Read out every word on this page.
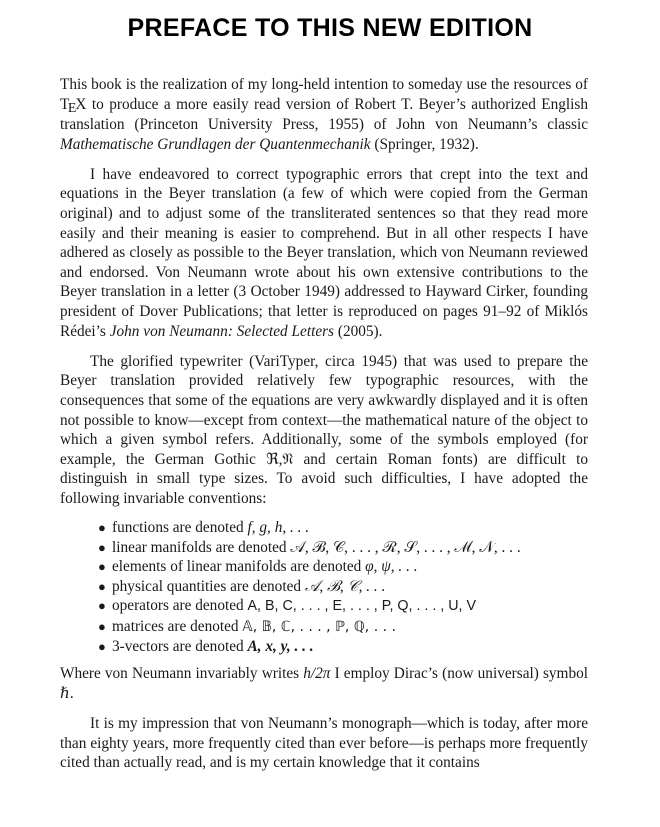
PREFACE TO THIS NEW EDITION

This book is the realization of my long-held intention to someday use the resources of TEX to produce a more easily read version of Robert T. Beyer’s authorized English translation (Princeton University Press, 1955) of John von Neumann’s classic Mathematische Grundlagen der Quantenmechanik (Springer, 1932).

I have endeavored to correct typographic errors that crept into the text and equations in the Beyer translation (a few of which were copied from the German original) and to adjust some of the transliterated sentences so that they read more easily and their meaning is easier to comprehend. But in all other respects I have adhered as closely as possible to the Beyer translation, which von Neumann reviewed and endorsed. Von Neumann wrote about his own extensive contributions to the Beyer translation in a letter (3 October 1949) addressed to Hayward Cirker, founding president of Dover Publications; that letter is reproduced on pages 91–92 of Miklós Rédei’s John von Neumann: Selected Letters (2005).

The glorified typewriter (VariTyper, circa 1945) that was used to prepare the Beyer translation provided relatively few typographic resources, with the consequences that some of the equations are very awkwardly displayed and it is often not possible to know—except from context—the mathematical nature of the object to which a given symbol refers. Additionally, some of the symbols employed (for example, the German Gothic ℜ,𝔑 and certain Roman fonts) are difficult to distinguish in small type sizes. To avoid such difficulties, I have adopted the following invariable conventions:

● functions are denoted f, g, h, . . .
● linear manifolds are denoted 𝒜, ℬ, 𝒞, . . . , ℛ, 𝒮, . . . , ℳ, 𝒩, . . .
● elements of linear manifolds are denoted φ, ψ, . . .
● physical quantities are denoted 𝒜, ℬ, 𝒞, . . .
● operators are denoted A, B, C, . . . , E, . . . , P, Q, . . . , U, V
● matrices are denoted 𝔸, 𝔹, ℂ, . . . , ℙ, ℚ, . . .
● 3-vectors are denoted A, x, y, . . .

Where von Neumann invariably writes h/2π I employ Dirac’s (now universal) symbol ℏ.

It is my impression that von Neumann’s monograph—which is today, after more than eighty years, more frequently cited than ever before—is perhaps more frequently cited than actually read, and is my certain knowledge that it contains
